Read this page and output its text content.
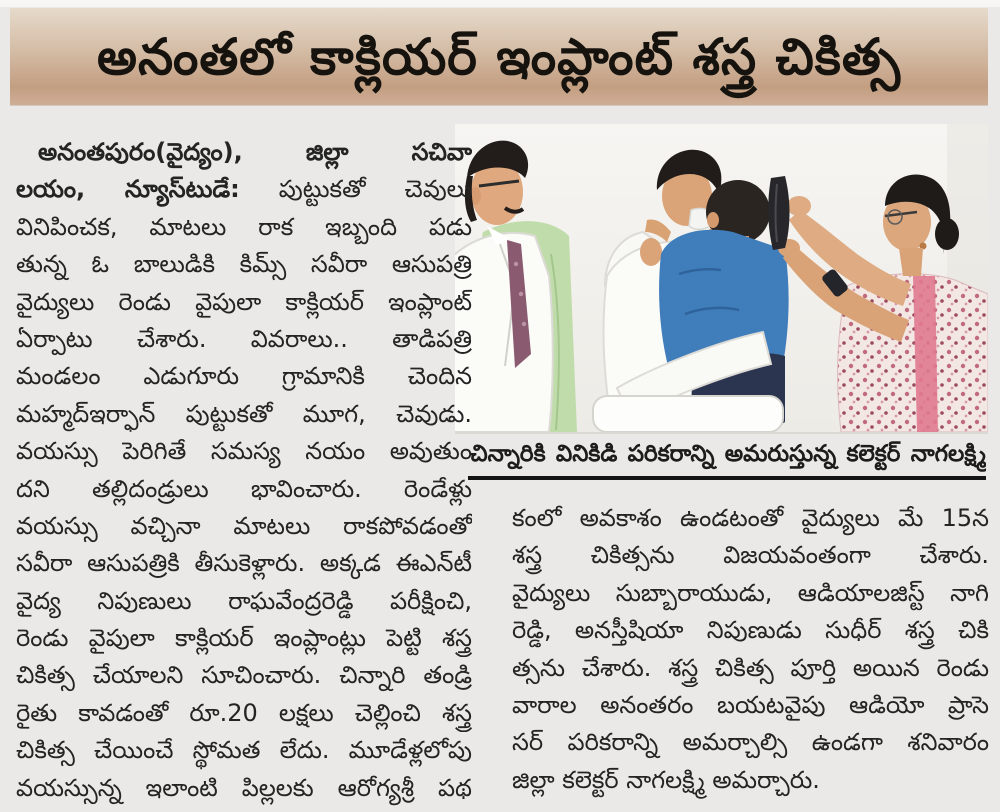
అనంతలో కాక్లియర్ ఇంప్లాంట్ శస్త్ర చికిత్స
చిన్నారికి వినికిడి పరికరాన్ని అమరుస్తున్న కలెక్టర్ నాగలక్ష్మి
అనంతపురం(వైద్యం), జిల్లా సచివా
లయం, న్యూస్‌టుడే: పుట్టుకతో చెవులు
వినిపించక, మాటలు రాక ఇబ్బంది పడు
తున్న ఓ బాలుడికి కిమ్స్ సవీరా ఆసుపత్రి
వైద్యులు రెండు వైపులా కాక్లియర్ ఇంప్లాంట్
ఏర్పాటు చేశారు. వివరాలు.. తాడిపత్రి
మండలం ఎడుగూరు గ్రామానికి చెందిన
మహ్మద్‌ఇర్ఫాన్ పుట్టుకతో మూగ, చెవుడు.
వయస్సు పెరిగితే సమస్య నయం అవుతుం
దని తల్లిదండ్రులు భావించారు. రెండేళ్లు
వయస్సు వచ్చినా మాటలు రాకపోవడంతో
సవీరా ఆసుపత్రికి తీసుకెళ్లారు. అక్కడ ఈఎన్‌టీ
వైద్య నిపుణులు రాఘవేంద్రరెడ్డి పరీక్షించి,
రెండు వైపులా కాక్లియర్ ఇంప్లాంట్లు పెట్టి శస్త్ర
చికిత్స చేయాలని సూచించారు. చిన్నారి తండ్రి
రైతు కావడంతో రూ.20 లక్షలు చెల్లించి శస్త్ర
చికిత్స చేయించే స్థోమత లేదు. మూడేళ్లలోపు
వయస్సున్న ఇలాంటి పిల్లలకు ఆరోగ్యశ్రీ పథ
కంలో అవకాశం ఉండటంతో వైద్యులు మే 15న
శస్త్ర చికిత్సను విజయవంతంగా చేశారు.
వైద్యులు సుబ్బారాయుడు, ఆడియాలజిస్ట్ నాగి
రెడ్డి, అనస్తీషియా నిపుణుడు సుధీర్ శస్త్ర చికి
త్సను చేశారు. శస్త్ర చికిత్స పూర్తి అయిన రెండు
వారాల అనంతరం బయటవైపు ఆడియో ప్రాసె
సర్ పరికరాన్ని అమర్చాల్సి ఉండగా శనివారం
జిల్లా కలెక్టర్ నాగలక్ష్మి అమర్చారు.
